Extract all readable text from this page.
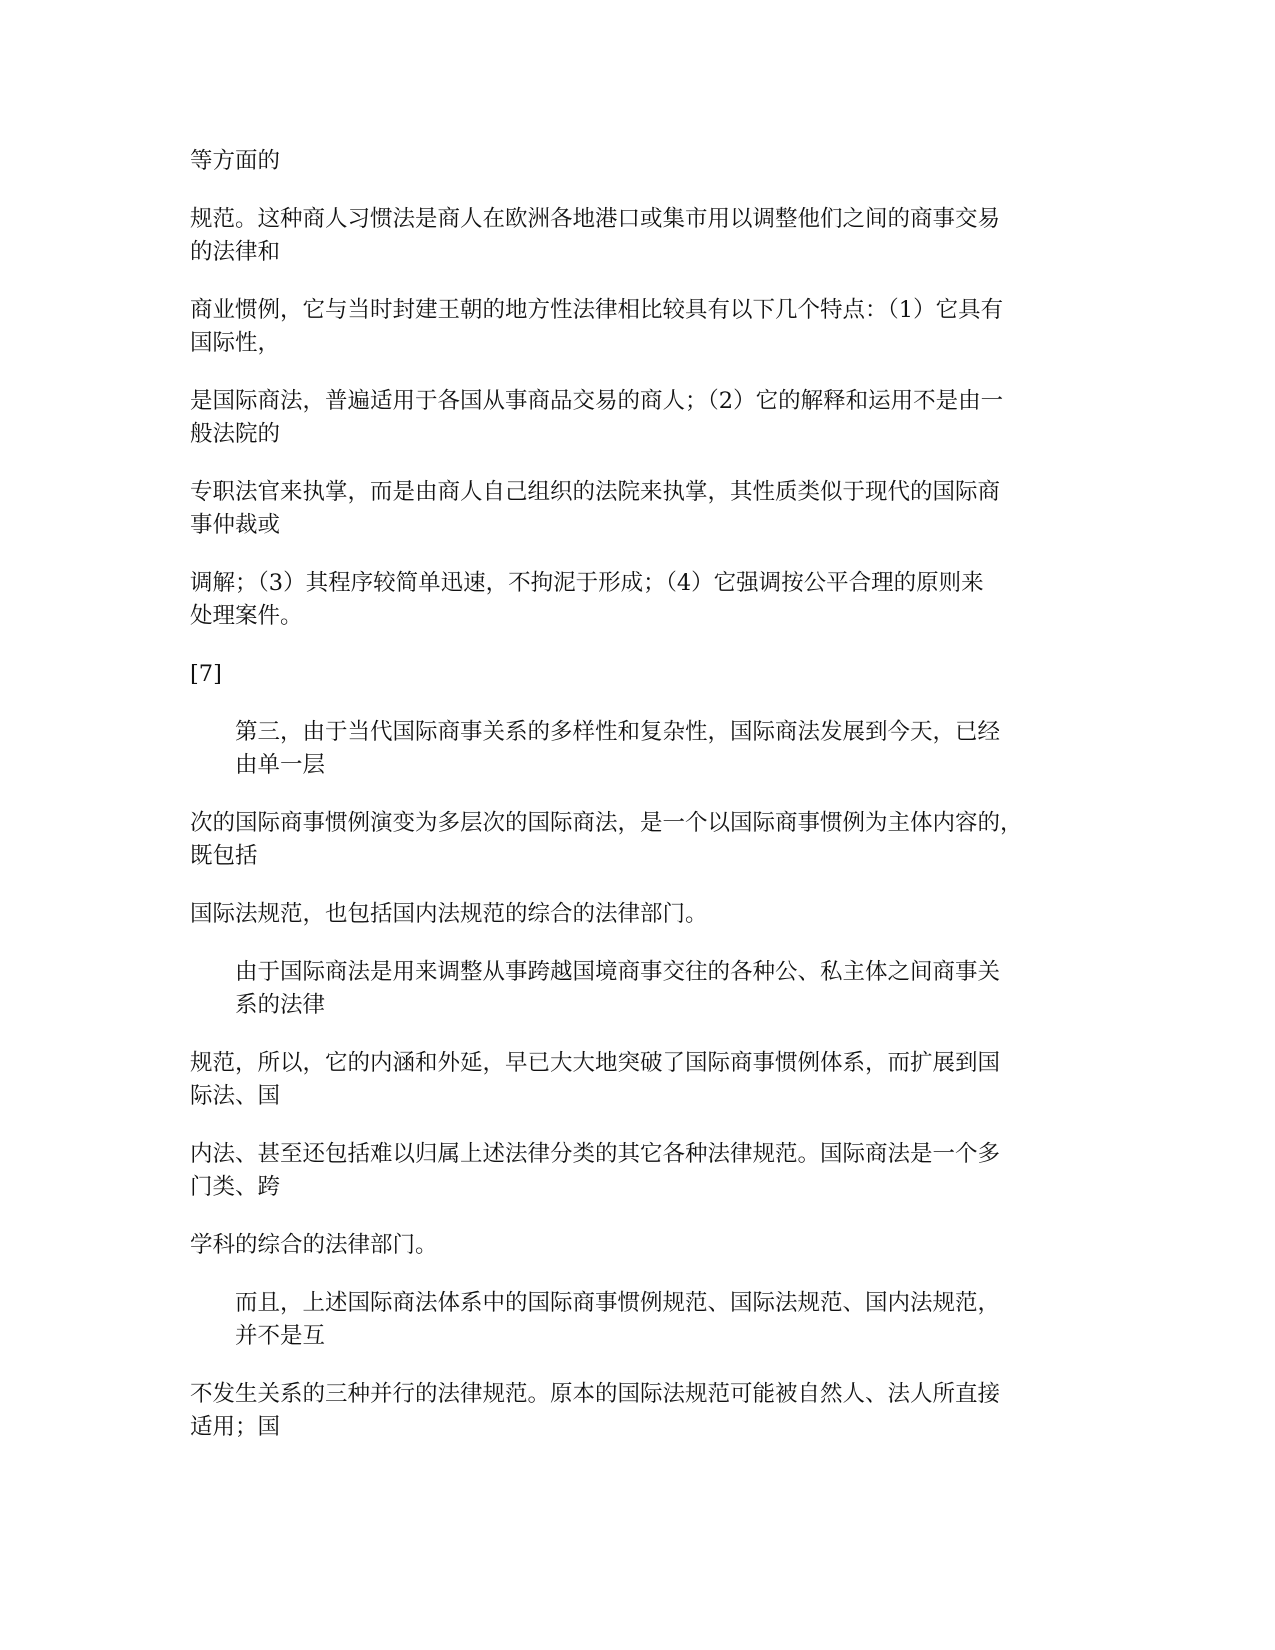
等方面的
规范。这种商人习惯法是商人在欧洲各地港口或集市用以调整他们之间的商事交易
的法律和
商业惯例，它与当时封建王朝的地方性法律相比较具有以下几个特点：（1）它具有
国际性，
是国际商法，普遍适用于各国从事商品交易的商人；（2）它的解释和运用不是由一
般法院的
专职法官来执掌，而是由商人自己组织的法院来执掌，其性质类似于现代的国际商
事仲裁或
调解；（3）其程序较简单迅速，不拘泥于形成；（4）它强调按公平合理的原则来
处理案件。
[7]
第三，由于当代国际商事关系的多样性和复杂性，国际商法发展到今天，已经
由单一层
次的国际商事惯例演变为多层次的国际商法，是一个以国际商事惯例为主体内容的，
既包括
国际法规范，也包括国内法规范的综合的法律部门。
由于国际商法是用来调整从事跨越国境商事交往的各种公、私主体之间商事关
系的法律
规范，所以，它的内涵和外延，早已大大地突破了国际商事惯例体系，而扩展到国
际法、国
内法、甚至还包括难以归属上述法律分类的其它各种法律规范。国际商法是一个多
门类、跨
学科的综合的法律部门。
而且，上述国际商法体系中的国际商事惯例规范、国际法规范、国内法规范，
并不是互
不发生关系的三种并行的法律规范。原本的国际法规范可能被自然人、法人所直接
适用；国
